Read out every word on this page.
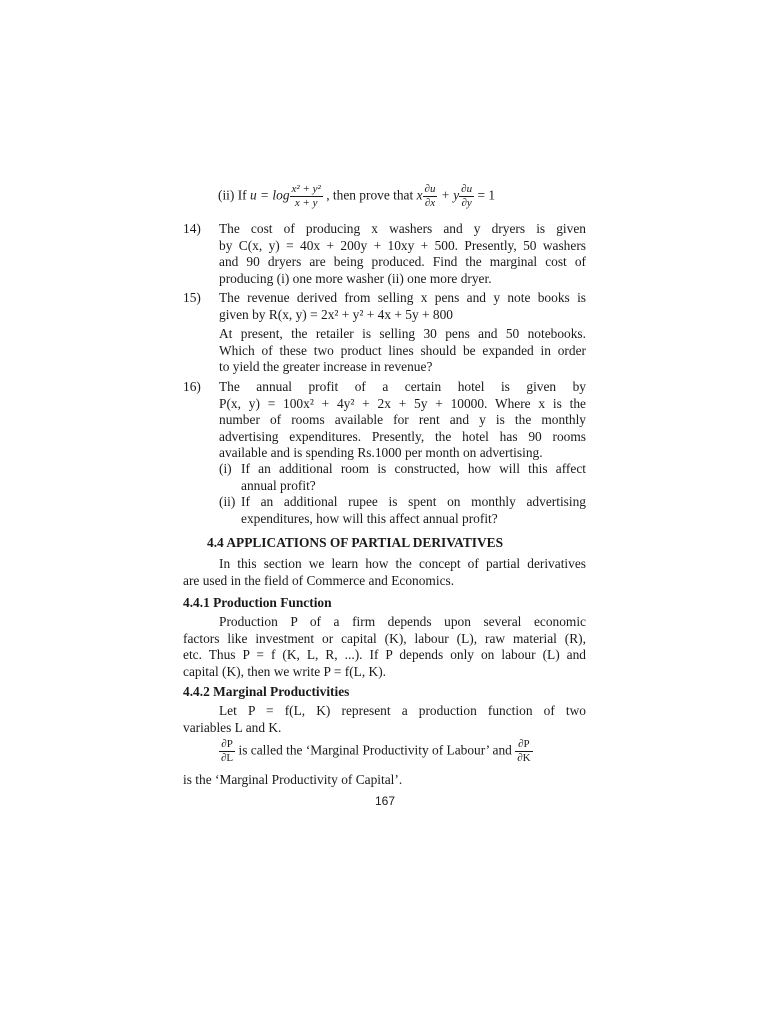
(ii) If $u = \log \frac{\text{x² + y²}}{x + y}$ , then prove that x $\frac{\partial u}{\partial x} + y \frac{\partial u}{\partial y} = 1$
14) The cost of producing x washers and y dryers is given
by C(x, y) = 40x + 200y + 10xy + 500. Presently, 50 washers
and 90 dryers are being produced. Find the marginal cost of
producing (i) one more washer (ii) one more dryer.
15) The revenue derived from selling x pens and y note books is
given by R(x, y) = 2x² + y² + 4x + 5y + 800
At present, the retailer is selling 30 pens and 50 notebooks.
Which of these two product lines should be expanded in order
to yield the greater increase in revenue?
16) The annual profit of a certain hotel is given by
P(x, y) = 100x² + 4y² + 2x + 5y + 10000. Where x is the
number of rooms available for rent and y is the monthly
advertising expenditures. Presently, the hotel has 90 rooms
available and is spending Rs.1000 per month on advertising.
(i) If an additional room is constructed, how will this affect
annual profit?
(ii) If an additional rupee is spent on monthly advertising
expenditures, how will this affect annual profit?
4.4 APPLICATIONS OF PARTIAL DERIVATIVES
In this section we learn how the concept of partial derivatives
are used in the field of Commerce and Economics.
4.4.1 Production Function
Production P of a firm depends upon several economic
factors like investment or capital (K), labour (L), raw material (R),
etc. Thus P = f (K, L, R, ...). If P depends only on labour (L) and
capital (K), then we write P = f(L, K).
4.4.2 Marginal Productivities
Let P = f(L, K) represent a production function of two
variables L and K.
$\frac{\partial P}{\partial L}$ is called the ‘Marginal Productivity of Labour’ and $\frac{\partial P}{\partial K}$
is the ‘Marginal Productivity of Capital’.
167
